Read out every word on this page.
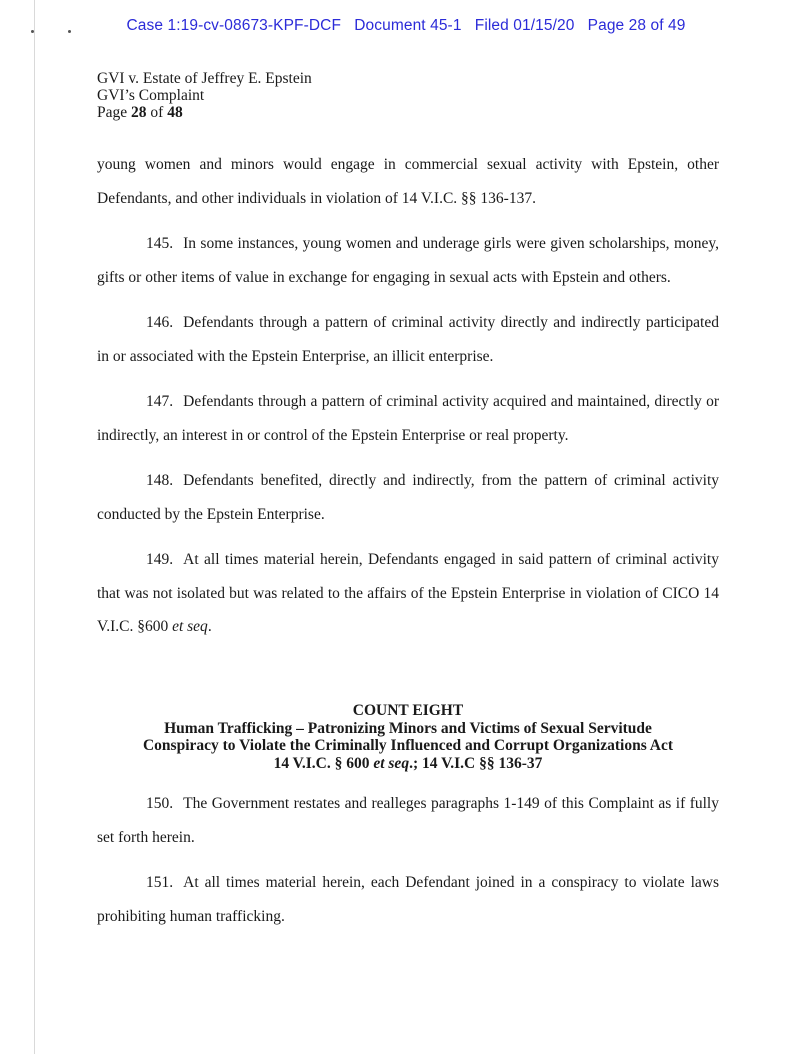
Case 1:19-cv-08673-KPF-DCF Document 45-1 Filed 01/15/20 Page 28 of 49
GVI v. Estate of Jeffrey E. Epstein
GVI’s Complaint
Page 28 of 48

young women and minors would engage in commercial sexual activity with Epstein, other Defendants, and other individuals in violation of 14 V.I.C. §§ 136-137.

145. In some instances, young women and underage girls were given scholarships, money, gifts or other items of value in exchange for engaging in sexual acts with Epstein and others.

146. Defendants through a pattern of criminal activity directly and indirectly participated in or associated with the Epstein Enterprise, an illicit enterprise.

147. Defendants through a pattern of criminal activity acquired and maintained, directly or indirectly, an interest in or control of the Epstein Enterprise or real property.

148. Defendants benefited, directly and indirectly, from the pattern of criminal activity conducted by the Epstein Enterprise.

149. At all times material herein, Defendants engaged in said pattern of criminal activity that was not isolated but was related to the affairs of the Epstein Enterprise in violation of CICO 14 V.I.C. §600 et seq.

COUNT EIGHT
Human Trafficking – Patronizing Minors and Victims of Sexual Servitude
Conspiracy to Violate the Criminally Influenced and Corrupt Organizations Act
14 V.I.C. § 600 et seq.; 14 V.I.C §§ 136-37

150. The Government restates and realleges paragraphs 1-149 of this Complaint as if fully set forth herein.

151. At all times material herein, each Defendant joined in a conspiracy to violate laws prohibiting human trafficking.
